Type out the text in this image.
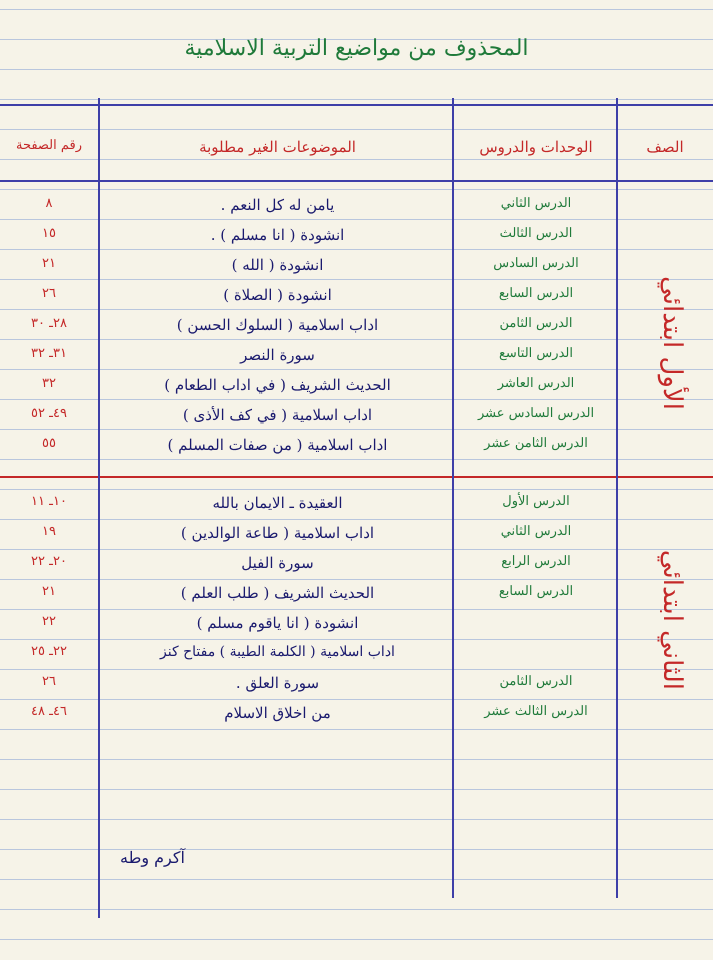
المحذوف من مواضيع التربية الاسلامية
الصف
الوحدات والدروس
الموضوعات الغير مطلوبة
رقم الصفحة
الأول ابتدائي
الثاني ابتدائي
الدرس الثاني
يامن له كل النعم .
٨
الدرس الثالث
انشودة ( انا مسلم ) .
١٥
الدرس السادس
انشودة ( الله )
٢١
الدرس السابع
انشودة ( الصلاة )
٢٦
الدرس الثامن
اداب اسلامية ( السلوك الحسن )
٢٨ـ ٣٠
الدرس التاسع
سورة النصر
٣١ـ ٣٢
الدرس العاشر
الحديث الشريف ( في اداب الطعام )
٣٢
الدرس السادس عشر
اداب اسلامية ( في كف الأذى )
٤٩ـ ٥٢
الدرس الثامن عشر
اداب اسلامية ( من صفات المسلم )
٥٥
الدرس الأول
العقيدة ـ الايمان بالله
١٠ـ ١١
الدرس الثاني
اداب اسلامية ( طاعة الوالدين )
١٩
الدرس الرابع
سورة الفيل
٢٠ـ ٢٢
الدرس السابع
الحديث الشريف ( طلب العلم )
٢١
انشودة ( انا ياقوم مسلم )
٢٢
اداب اسلامية ( الكلمة الطيبة ) مفتاح كنز
٢٢ـ ٢٥
الدرس الثامن
سورة العلق .
٢٦
الدرس الثالث عشر
من اخلاق الاسلام
٤٦ـ ٤٨
آكرم وطه
